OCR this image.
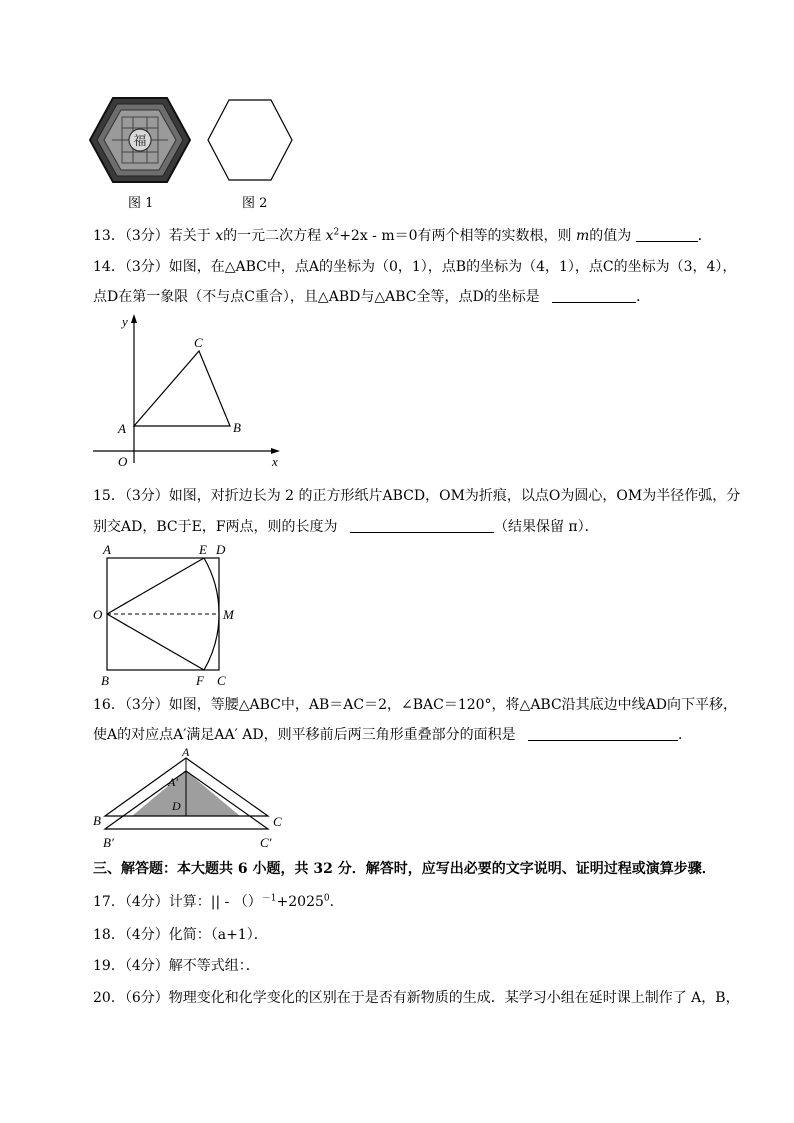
福
图 1	图 2
13．（3分）若关于 x的一元二次方程 $x^2+2x - m=0$有两个相等的实数根，则 m的值为	．
14．（3分）如图，在△ABC中，点A的坐标为（0，1），点B的坐标为（4，1），点C的坐标为（3，4），
点D在第一象限（不与点C重合），且△ABD与△ABC全等，点D的坐标是	．
y
x
O
A	B
C
15．（3分）如图，对折边长为 2 的正方形纸片ABCD，OM为折痕，以点O为圆心，OM为半径作弧，分
别交AD，BC于E，F两点，则的长度为	（结果保留 π）．
A	E D
O	M
B	F C
16．（3分）如图，等腰△ABC中，AB＝AC＝2，∠BAC＝120°，将△ABC沿其底边中线AD向下平移，
使A的对应点A′满足AA′ AD，则平移前后两三角形重叠部分的面积是	．
A
A′
D
B	C
B′	C′
三、解答题：本大题共 6 小题，共 32 分．解答时，应写出必要的文字说明、证明过程或演算步骤．
17．（4分）计算：|| - $()^{-1}+2025^0$．
18．（4分）化简：（a+1）．
19．（4分）解不等式组：．
20．（6分）物理变化和化学变化的区别在于是否有新物质的生成．某学习小组在延时课上制作了 A，B，
